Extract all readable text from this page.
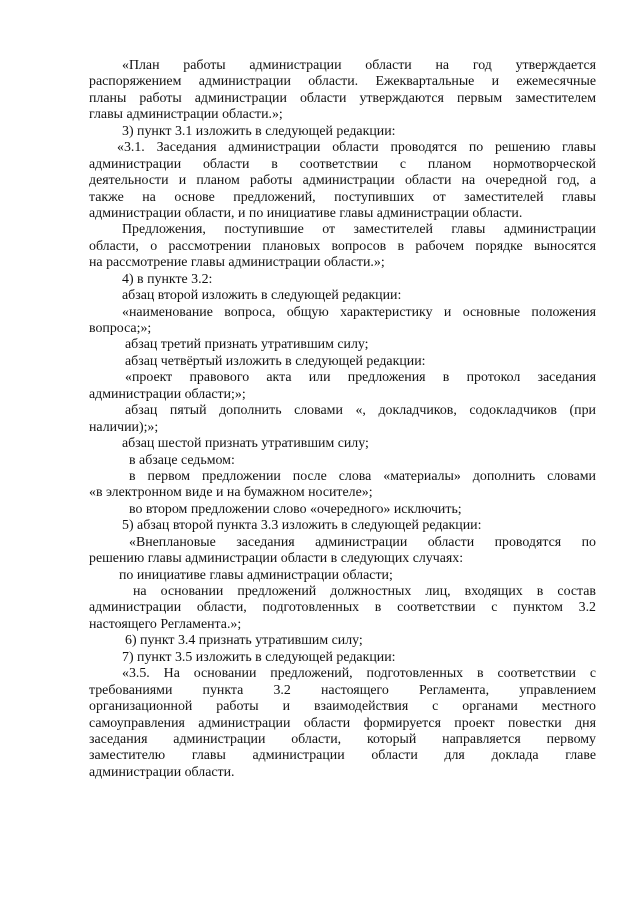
«План работы администрации области на год утверждается
распоряжением администрации области. Ежеквартальные и ежемесячные
планы работы администрации области утверждаются первым заместителем
главы администрации области.»;
3) пункт 3.1 изложить в следующей редакции:
«3.1. Заседания администрации области проводятся по решению главы
администрации области в соответствии с планом нормотворческой
деятельности и планом работы администрации области на очередной год, а
также на основе предложений, поступивших от заместителей главы
администрации области, и по инициативе главы администрации области.
Предложения, поступившие от заместителей главы администрации
области, о рассмотрении плановых вопросов в рабочем порядке выносятся
на рассмотрение главы администрации области.»;
4) в пункте 3.2:
абзац второй изложить в следующей редакции:
«наименование вопроса, общую характеристику и основные положения
вопроса;»;
абзац третий признать утратившим силу;
абзац четвёртый изложить в следующей редакции:
«проект правового акта или предложения в протокол заседания
администрации области;»;
абзац пятый дополнить словами «, докладчиков, содокладчиков (при
наличии);»;
абзац шестой признать утратившим силу;
в абзаце седьмом:
в первом предложении после слова «материалы» дополнить словами
«в электронном виде и на бумажном носителе»;
во втором предложении слово «очередного» исключить;
5) абзац второй пункта 3.3 изложить в следующей редакции:
«Внеплановые заседания администрации области проводятся по
решению главы администрации области в следующих случаях:
по инициативе главы администрации области;
на основании предложений должностных лиц, входящих в состав
администрации области, подготовленных в соответствии с пунктом 3.2
настоящего Регламента.»;
6) пункт 3.4 признать утратившим силу;
7) пункт 3.5 изложить в следующей редакции:
«3.5. На основании предложений, подготовленных в соответствии с
требованиями пункта 3.2 настоящего Регламента, управлением
организационной работы и взаимодействия с органами местного
самоуправления администрации области формируется проект повестки дня
заседания администрации области, который направляется первому
заместителю главы администрации области для доклада главе
администрации области.
